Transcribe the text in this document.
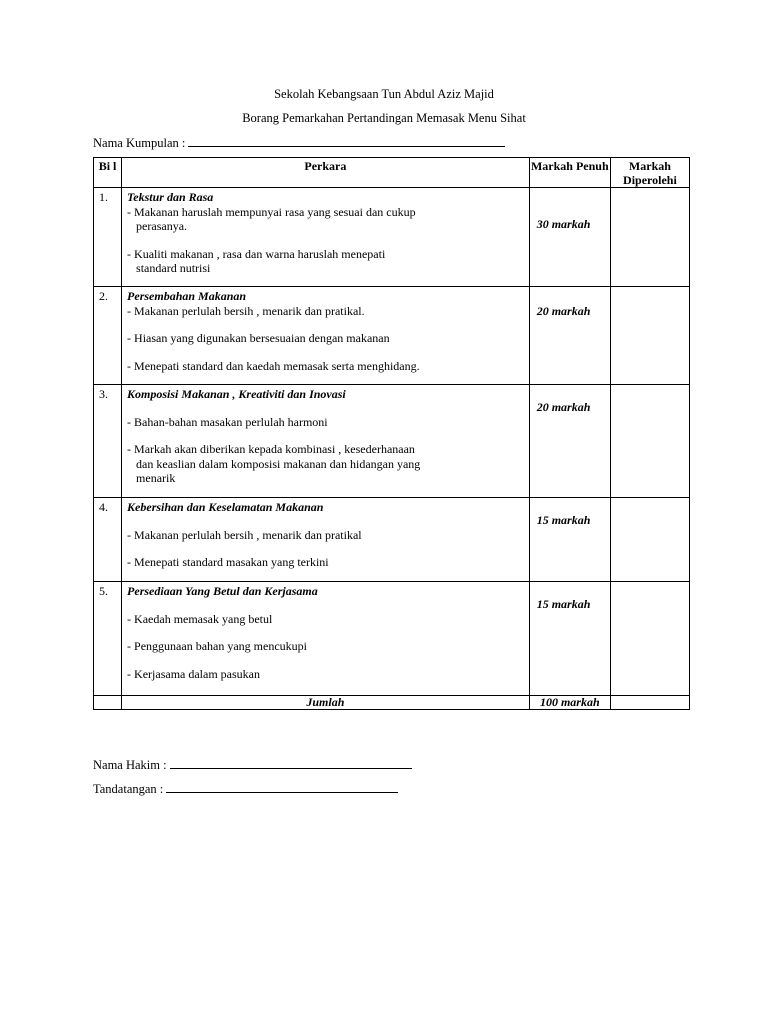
Sekolah Kebangsaan Tun Abdul Aziz Majid
Borang Pemarkahan Pertandingan Memasak Menu Sihat
Nama Kumpulan :
Bi l	Perkara	Markah Penuh	Markah Diperolehi
1.	Tekstur dan Rasa
- Makanan haruslah mempunyai rasa yang sesuai dan cukup
perasanya.
- Kualiti makanan , rasa dan warna haruslah menepati
standard nutrisi	30 markah	
2.	Persembahan Makanan
- Makanan perlulah bersih , menarik dan pratikal.
- Hiasan yang digunakan bersesuaian dengan makanan
- Menepati standard dan kaedah memasak serta menghidang.	20 markah	
3.	Komposisi Makanan , Kreativiti dan Inovasi
- Bahan-bahan masakan perlulah harmoni
- Markah akan diberikan kepada kombinasi , kesederhanaan
dan keaslian dalam komposisi makanan dan hidangan yang
menarik	20 markah	
4.	Kebersihan dan Keselamatan Makanan
- Makanan perlulah bersih , menarik dan pratikal
- Menepati standard masakan yang terkini	15 markah	
5.	Persediaan Yang Betul dan Kerjasama
- Kaedah memasak yang betul
- Penggunaan bahan yang mencukupi
- Kerjasama dalam pasukan	15 markah	
	Jumlah	100 markah	
Nama Hakim :
Tandatangan :
